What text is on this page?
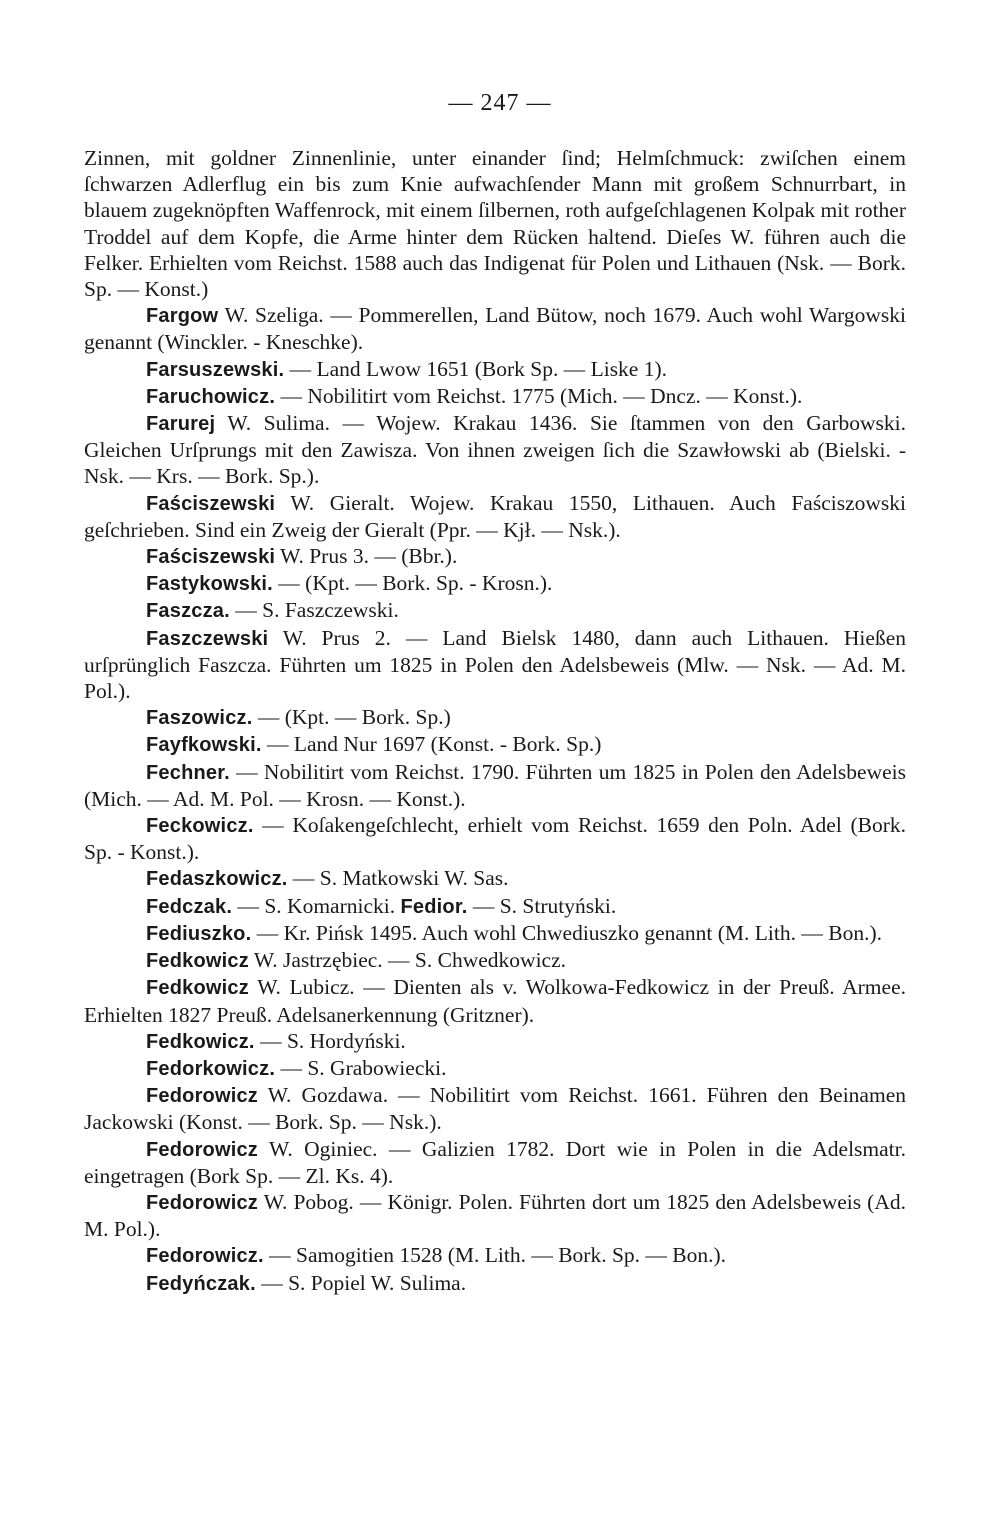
— 247 —

Zinnen, mit goldner Zinnenlinie, unter einander ſind; Helmſchmuck: zwiſchen einem ſchwarzen Adlerflug ein bis zum Knie aufwachſender Mann mit großem Schnurrbart, in blauem zugeknöpften Waffenrock, mit einem ſilbernen, roth aufgeſchlagenen Kolpak mit rother Troddel auf dem Kopfe, die Arme hinter dem Rücken haltend. Dieſes W. führen auch die Felker. Erhielten vom Reichst. 1588 auch das Indigenat für Polen und Lithauen (Nsk. — Bork. Sp. — Konst.)

Fargow W. Szeliga. — Pommerellen, Land Bütow, noch 1679. Auch wohl Wargowski genannt (Winckler. - Kneschke).

Farsuszewski. — Land Lwow 1651 (Bork Sp. — Liske 1).

Faruchowicz. — Nobilitirt vom Reichst. 1775 (Mich. — Dncz. — Konst.).

Farurej W. Sulima. — Wojew. Krakau 1436. Sie ſtammen von den Garbowski. Gleichen Urſprungs mit den Zawisza. Von ihnen zweigen ſich die Szawłowski ab (Bielski. - Nsk. — Krs. — Bork. Sp.).

Faściszewski W. Gieralt. Wojew. Krakau 1550, Lithauen. Auch Faściszowski geſchrieben. Sind ein Zweig der Gieralt (Ppr. — Kjł. — Nsk.).

Faściszewski W. Prus 3. — (Bbr.).

Fastykowski. — (Kpt. — Bork. Sp. - Krosn.).

Faszcza. — S. Faszczewski.

Faszczewski W. Prus 2. — Land Bielsk 1480, dann auch Lithauen. Hießen urſprünglich Faszcza. Führten um 1825 in Polen den Adelsbeweis (Mlw. — Nsk. — Ad. M. Pol.).

Faszowicz. — (Kpt. — Bork. Sp.)

Fayfkowski. — Land Nur 1697 (Konst. - Bork. Sp.)

Fechner. — Nobilitirt vom Reichst. 1790. Führten um 1825 in Polen den Adelsbeweis (Mich. — Ad. M. Pol. — Krosn. — Konst.).

Feckowicz. — Koſakengeſchlecht, erhielt vom Reichst. 1659 den Poln. Adel (Bork. Sp. - Konst.).

Fedaszkowicz. — S. Matkowski W. Sas.

Fedczak. — S. Komarnicki. Fedior. — S. Strutyński.

Fediuszko. — Kr. Pińsk 1495. Auch wohl Chwediuszko genannt (M. Lith. — Bon.).

Fedkowicz W. Jastrzębiec. — S. Chwedkowicz.

Fedkowicz W. Lubicz. — Dienten als v. Wolkowa-Fedkowicz in der Preuß. Armee. Erhielten 1827 Preuß. Adelsanerkennung (Gritzner).

Fedkowicz. — S. Hordyński.

Fedorkowicz. — S. Grabowiecki.

Fedorowicz W. Gozdawa. — Nobilitirt vom Reichst. 1661. Führen den Beinamen Jackowski (Konst. — Bork. Sp. — Nsk.).

Fedorowicz W. Oginiec. — Galizien 1782. Dort wie in Polen in die Adelsmatr. eingetragen (Bork Sp. — Zl. Ks. 4).

Fedorowicz W. Pobog. — Königr. Polen. Führten dort um 1825 den Adelsbeweis (Ad. M. Pol.).

Fedorowicz. — Samogitien 1528 (M. Lith. — Bork. Sp. — Bon.).

Fedyńczak. — S. Popiel W. Sulima.
